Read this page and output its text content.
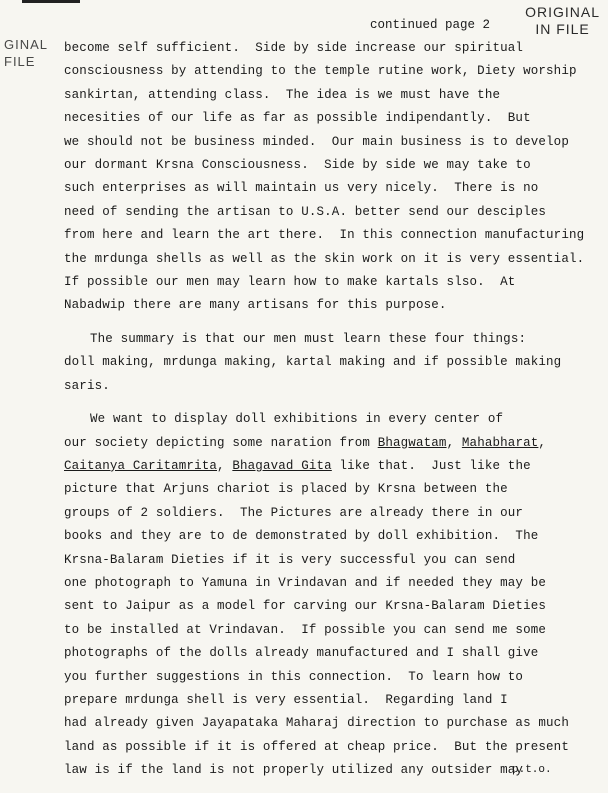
ORIGINAL
IN FILE
GINAL
FILE
continued page 2
become self sufficient.  Side by side increase our spiritual
consciousness by attending to the temple rutine work, Diety worship
sankirtan, attending class.  The idea is we must have the
necesities of our life as far as possible indipendantly.  But
we should not be business minded.  Our main business is to develop
our dormant Krsna Consciousness.  Side by side we may take to
such enterprises as will maintain us very nicely.  There is no
need of sending the artisan to U.S.A. better send our desciples
from here and learn the art there.  In this connection manufacturing
the mrdunga shells as well as the skin work on it is very essential.
If possible our men may learn how to make kartals slso.  At
Nabadwip there are many artisans for this purpose.
The summary is that our men must learn these four things:
doll making, mrdunga making, kartal making and if possible making
saris.
We want to display doll exhibitions in every center of
our society depicting some naration from Bhagwatam, Mahabharat,
Caitanya Caritamrita, Bhagavad Gita like that.  Just like the
picture that Arjuns chariot is placed by Krsna between the
groups of 2 soldiers.  The Pictures are already there in our
books and they are to de demonstrated by doll exhibition.  The
Krsna-Balaram Dieties if it is very successful you can send
one photograph to Yamuna in Vrindavan and if needed they may be
sent to Jaipur as a model for carving our Krsna-Balaram Dieties
to be installed at Vrindavan.  If possible you can send me some
photographs of the dolls already manufactured and I shall give
you further suggestions in this connection.  To learn how to
prepare mrdunga shell is very essential.  Regarding land I
had already given Jayapataka Maharaj direction to purchase as much
land as possible if it is offered at cheap price.  But the present
law is if the land is not properly utilized any outsider may
p.t.o.
